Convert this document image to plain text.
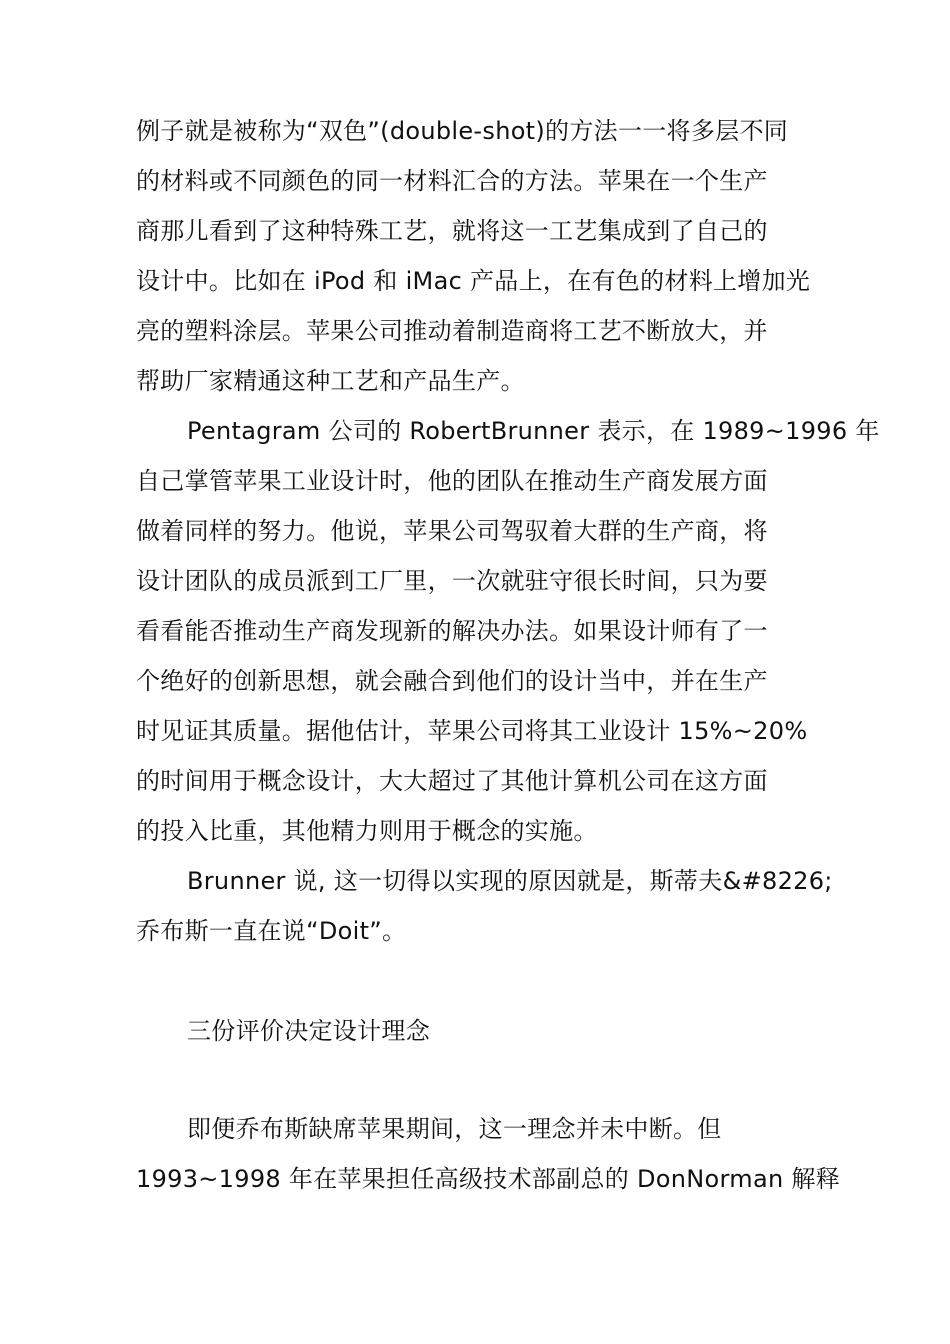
例子就是被称为“双色”(double-shot)的方法一一将多层不同
的材料或不同颜色的同一材料汇合的方法。苹果在一个生产
商那儿看到了这种特殊工艺，就将这一工艺集成到了自己的
设计中。比如在 iPod 和 iMac 产品上，在有色的材料上增加光
亮的塑料涂层。苹果公司推动着制造商将工艺不断放大，并
帮助厂家精通这种工艺和产品生产。
Pentagram 公司的 RobertBrunner 表示，在 1989~1996 年
自己掌管苹果工业设计时，他的团队在推动生产商发展方面
做着同样的努力。他说，苹果公司驾驭着大群的生产商，将
设计团队的成员派到工厂里，一次就驻守很长时间，只为要
看看能否推动生产商发现新的解决办法。如果设计师有了一
个绝好的创新思想，就会融合到他们的设计当中，并在生产
时见证其质量。据他估计，苹果公司将其工业设计 15%~20%
的时间用于概念设计，大大超过了其他计算机公司在这方面
的投入比重，其他精力则用于概念的实施。
Brunner 说, 这一切得以实现的原因就是，斯蒂夫&#8226;
乔布斯一直在说“Doit”。
三份评价决定设计理念
即便乔布斯缺席苹果期间，这一理念并未中断。但
1993~1998 年在苹果担任高级技术部副总的 DonNorman 解释
